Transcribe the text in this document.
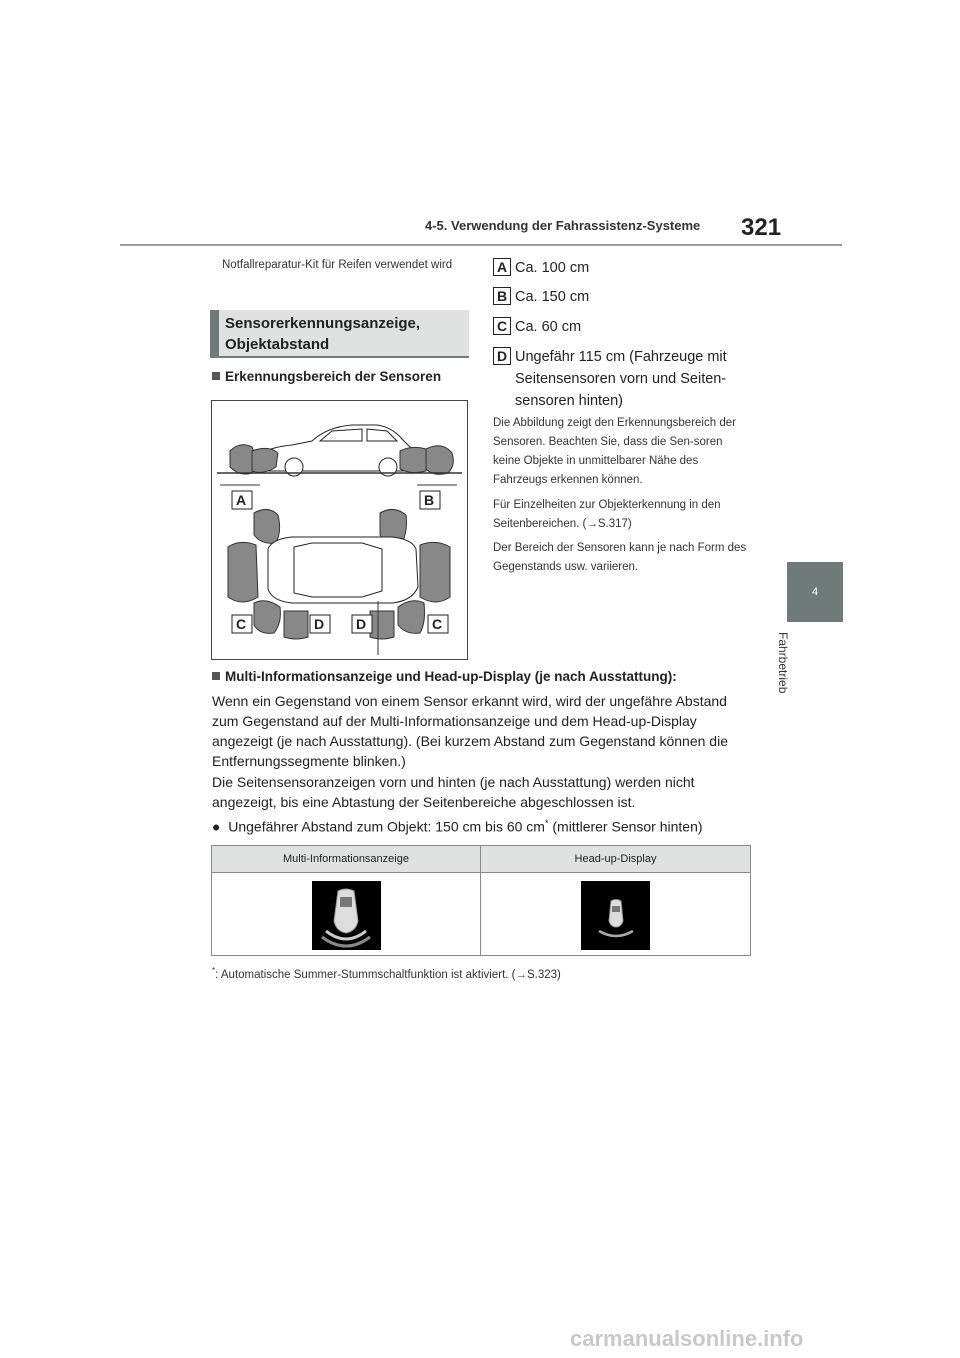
4-5. Verwendung der Fahrassistenz-Systeme 321
4
Fahrbetrieb
Notfallreparatur-Kit für Reifen verwendet wird
Sensorerkennungsanzeige,
Objektabstand
Erkennungsbereich der Sensoren
A	B
C	D D	C
A Ca. 100 cm
B Ca. 150 cm
C Ca. 60 cm
D Ungefähr 115 cm (Fahrzeuge mit Seitensensoren vorn und Seiten-sensoren hinten)
Die Abbildung zeigt den Erkennungsbereich der Sensoren. Beachten Sie, dass die Sen-soren keine Objekte in unmittelbarer Nähe des Fahrzeugs erkennen können.
Für Einzelheiten zur Objekterkennung in den Seitenbereichen. (→S.317)
Der Bereich der Sensoren kann je nach Form des Gegenstands usw. variieren.
Multi-Informationsanzeige und Head-up-Display (je nach Ausstattung):
Wenn ein Gegenstand von einem Sensor erkannt wird, wird der ungefähre Abstand zum Gegenstand auf der Multi-Informationsanzeige und dem Head-up-Display angezeigt (je nach Ausstattung). (Bei kurzem Abstand zum Gegenstand können die Entfernungssegmente blinken.)
Die Seitensensoranzeigen vorn und hinten (je nach Ausstattung) werden nicht angezeigt, bis eine Abtastung der Seitenbereiche abgeschlossen ist.
●  Ungefährer Abstand zum Objekt: 150 cm bis 60 cm* (mittlerer Sensor hinten)
Multi-Informationsanzeige	Head-up-Display
*: Automatische Summer-Stummschaltfunktion ist aktiviert. (→S.323)
carmanualsonline.info
